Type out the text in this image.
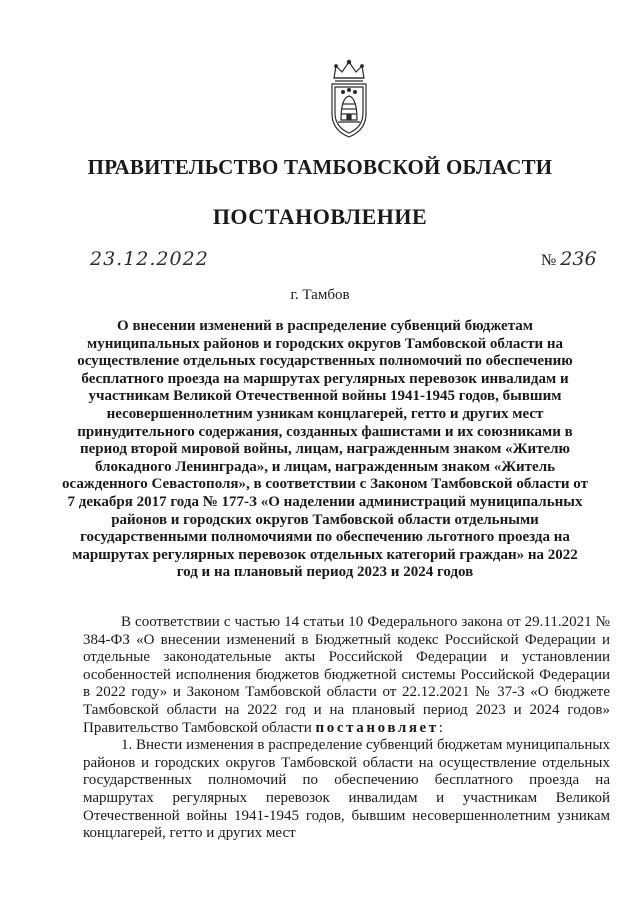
ПРАВИТЕЛЬСТВО ТАМБОВСКОЙ ОБЛАСТИ
ПОСТАНОВЛЕНИЕ
23.12.2022	№ 236
г. Тамбов
О внесении изменений в распределение субвенций бюджетам муниципальных районов и городских округов Тамбовской области на осуществление отдельных государственных полномочий по обеспечению бесплатного проезда на маршрутах регулярных перевозок инвалидам и участникам Великой Отечественной войны 1941-1945 годов, бывшим несовершеннолетним узникам концлагерей, гетто и других мест принудительного содержания, созданных фашистами и их союзниками в период второй мировой войны, лицам, награжденным знаком «Жителю блокадного Ленинграда», и лицам, награжденным знаком «Житель осажденного Севастополя», в соответствии с Законом Тамбовской области от 7 декабря 2017 года № 177-З «О наделении администраций муниципальных районов и городских округов Тамбовской области отдельными государственными полномочиями по обеспечению льготного проезда на маршрутах регулярных перевозок отдельных категорий граждан» на 2022 год и на плановый период 2023 и 2024 годов

В соответствии с частью 14 статьи 10 Федерального закона от 29.11.2021 № 384-ФЗ «О внесении изменений в Бюджетный кодекс Российской Федерации и отдельные законодательные акты Российской Федерации и установлении особенностей исполнения бюджетов бюджетной системы Российской Федерации в 2022 году» и Законом Тамбовской области от 22.12.2021 № 37-З «О бюджете Тамбовской области на 2022 год и на плановый период 2023 и 2024 годов» Правительство Тамбовской области постановляет:

1. Внести изменения в распределение субвенций бюджетам муниципальных районов и городских округов Тамбовской области на осуществление отдельных государственных полномочий по обеспечению бесплатного проезда на маршрутах регулярных перевозок инвалидам и участникам Великой Отечественной войны 1941-1945 годов, бывшим несовершеннолетним узникам концлагерей, гетто и других мест
